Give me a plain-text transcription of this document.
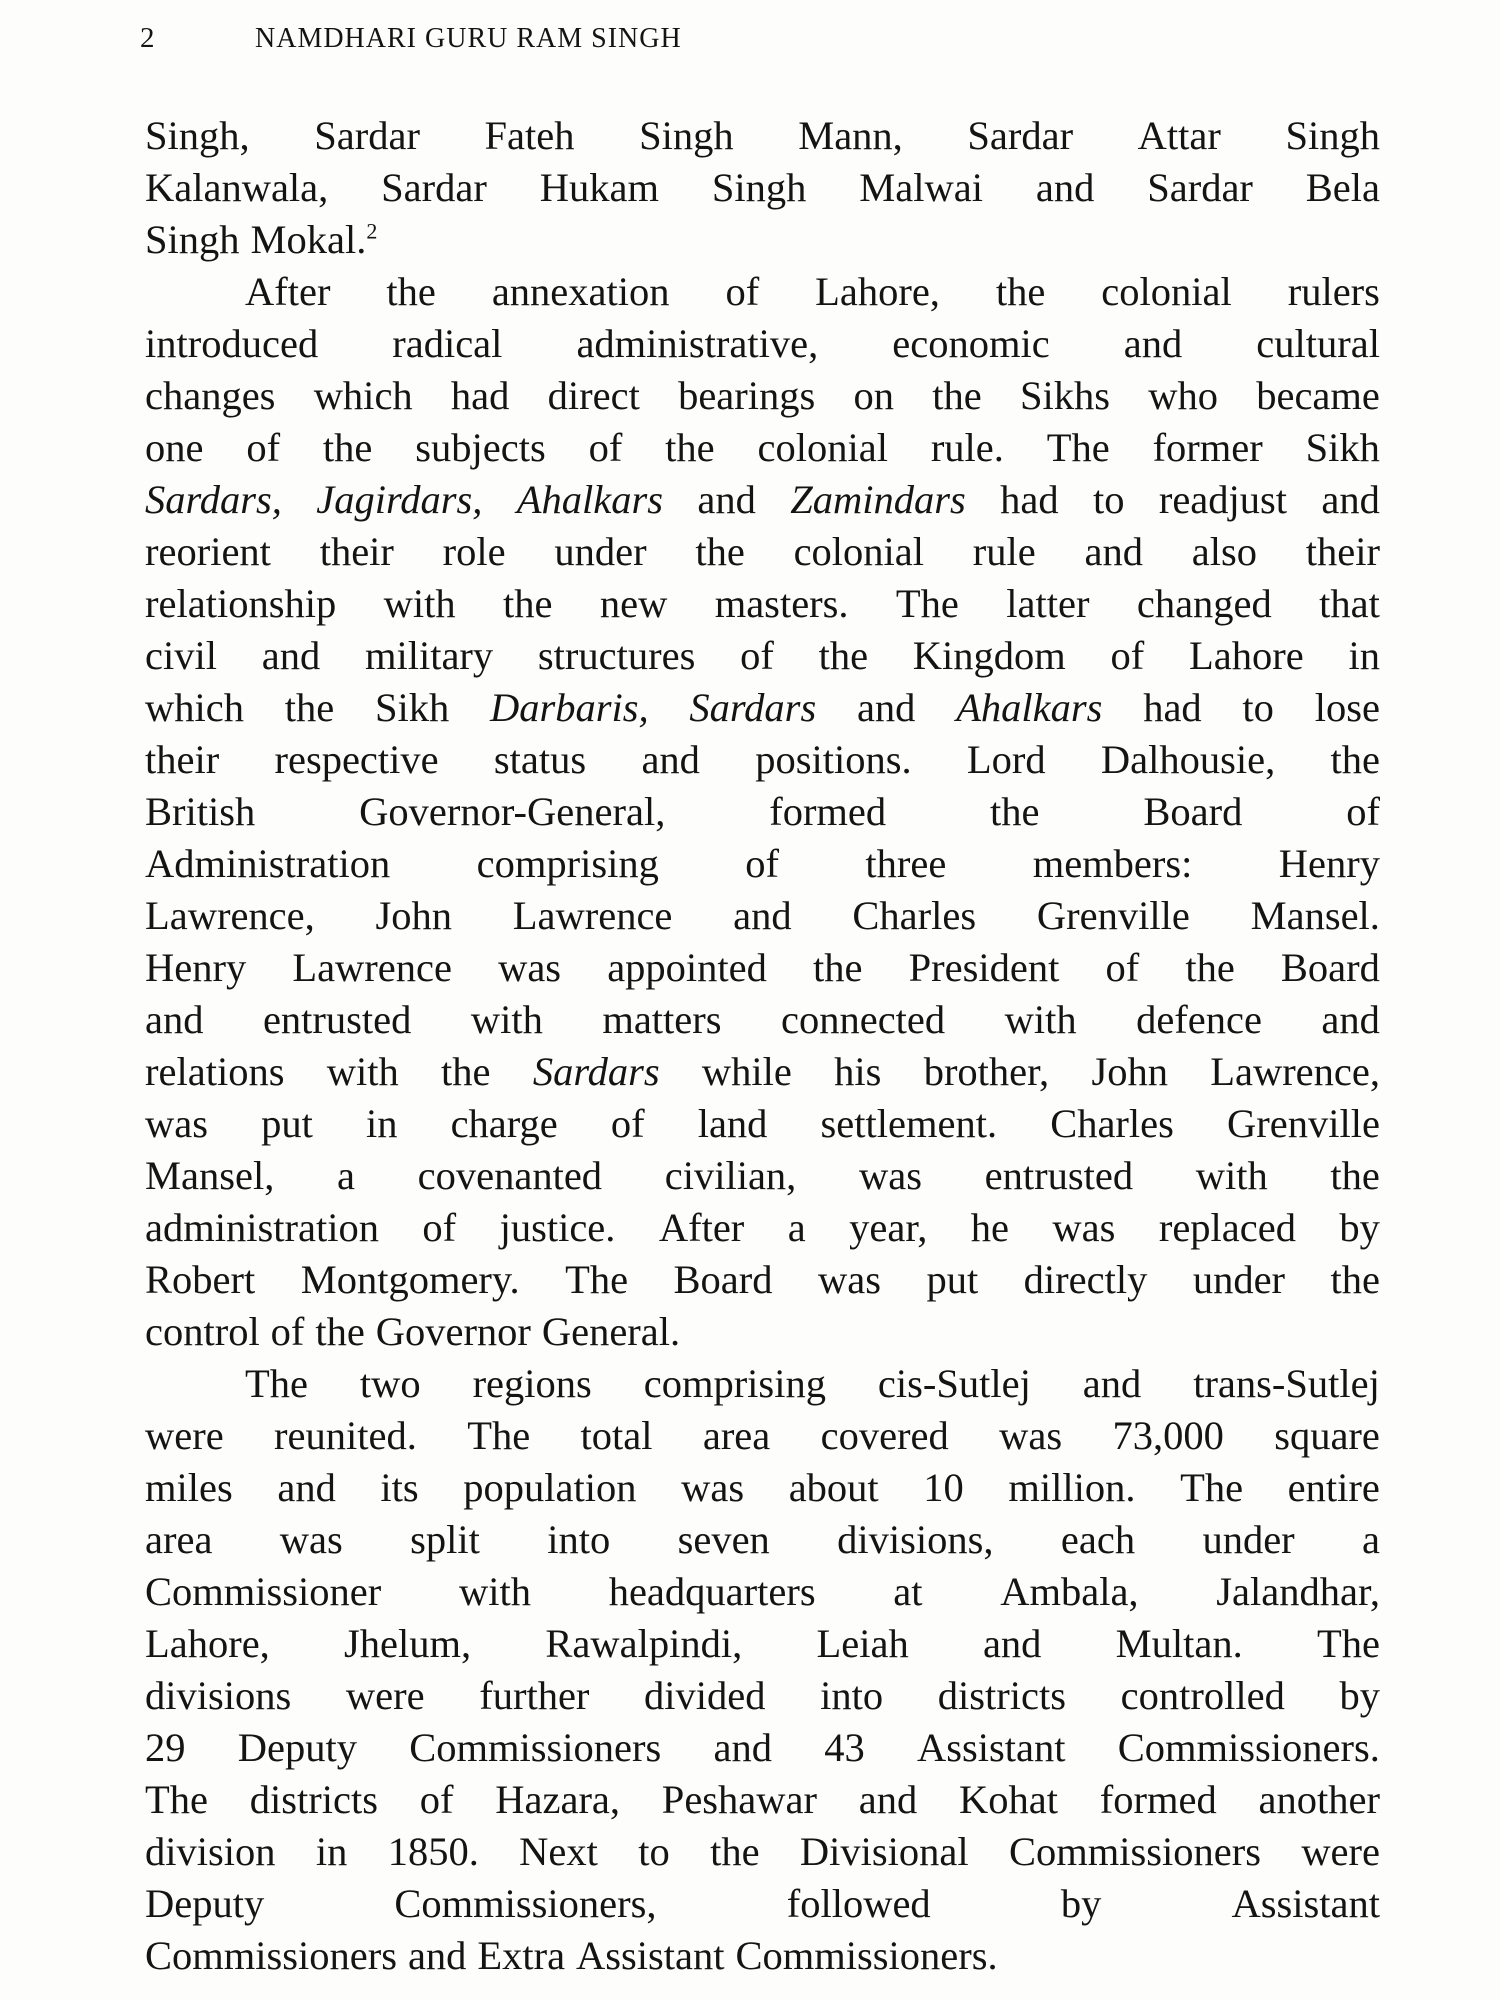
2	NAMDHARI GURU RAM SINGH
Singh, Sardar Fateh Singh Mann, Sardar Attar Singh
Kalanwala, Sardar Hukam Singh Malwai and Sardar Bela
Singh Mokal.$^2$
After the annexation of Lahore, the colonial rulers
introduced radical administrative, economic and cultural
changes which had direct bearings on the Sikhs who became
one of the subjects of the colonial rule. The former Sikh
Sardars, Jagirdars, Ahalkars and Zamindars had to readjust and
reorient their role under the colonial rule and also their
relationship with the new masters. The latter changed that
civil and military structures of the Kingdom of Lahore in
which the Sikh Darbaris, Sardars and Ahalkars had to lose
their respective status and positions. Lord Dalhousie, the
British	Governor-General,	formed	the	Board	of
Administration comprising of three members: Henry
Lawrence, John Lawrence and Charles Grenville Mansel.
Henry Lawrence was appointed the President of the Board
and entrusted with matters connected with defence and
relations with the Sardars while his brother, John Lawrence,
was put in charge of land settlement. Charles Grenville
Mansel, a covenanted civilian, was entrusted with the
administration of justice. After a year, he was replaced by
Robert Montgomery. The Board was put directly under the
control of the Governor General.
The two regions comprising cis-Sutlej and trans-Sutlej
were reunited. The total area covered was 73,000 square
miles and its population was about 10 million. The entire
area was split into seven divisions, each under a
Commissioner with headquarters at Ambala, Jalandhar,
Lahore, Jhelum, Rawalpindi, Leiah and Multan. The
divisions were further divided into districts controlled by
29 Deputy Commissioners and 43 Assistant Commissioners.
The districts of Hazara, Peshawar and Kohat formed another
division in 1850. Next to the Divisional Commissioners were
Deputy	Commissioners,	followed	by	Assistant
Commissioners and Extra Assistant Commissioners.
